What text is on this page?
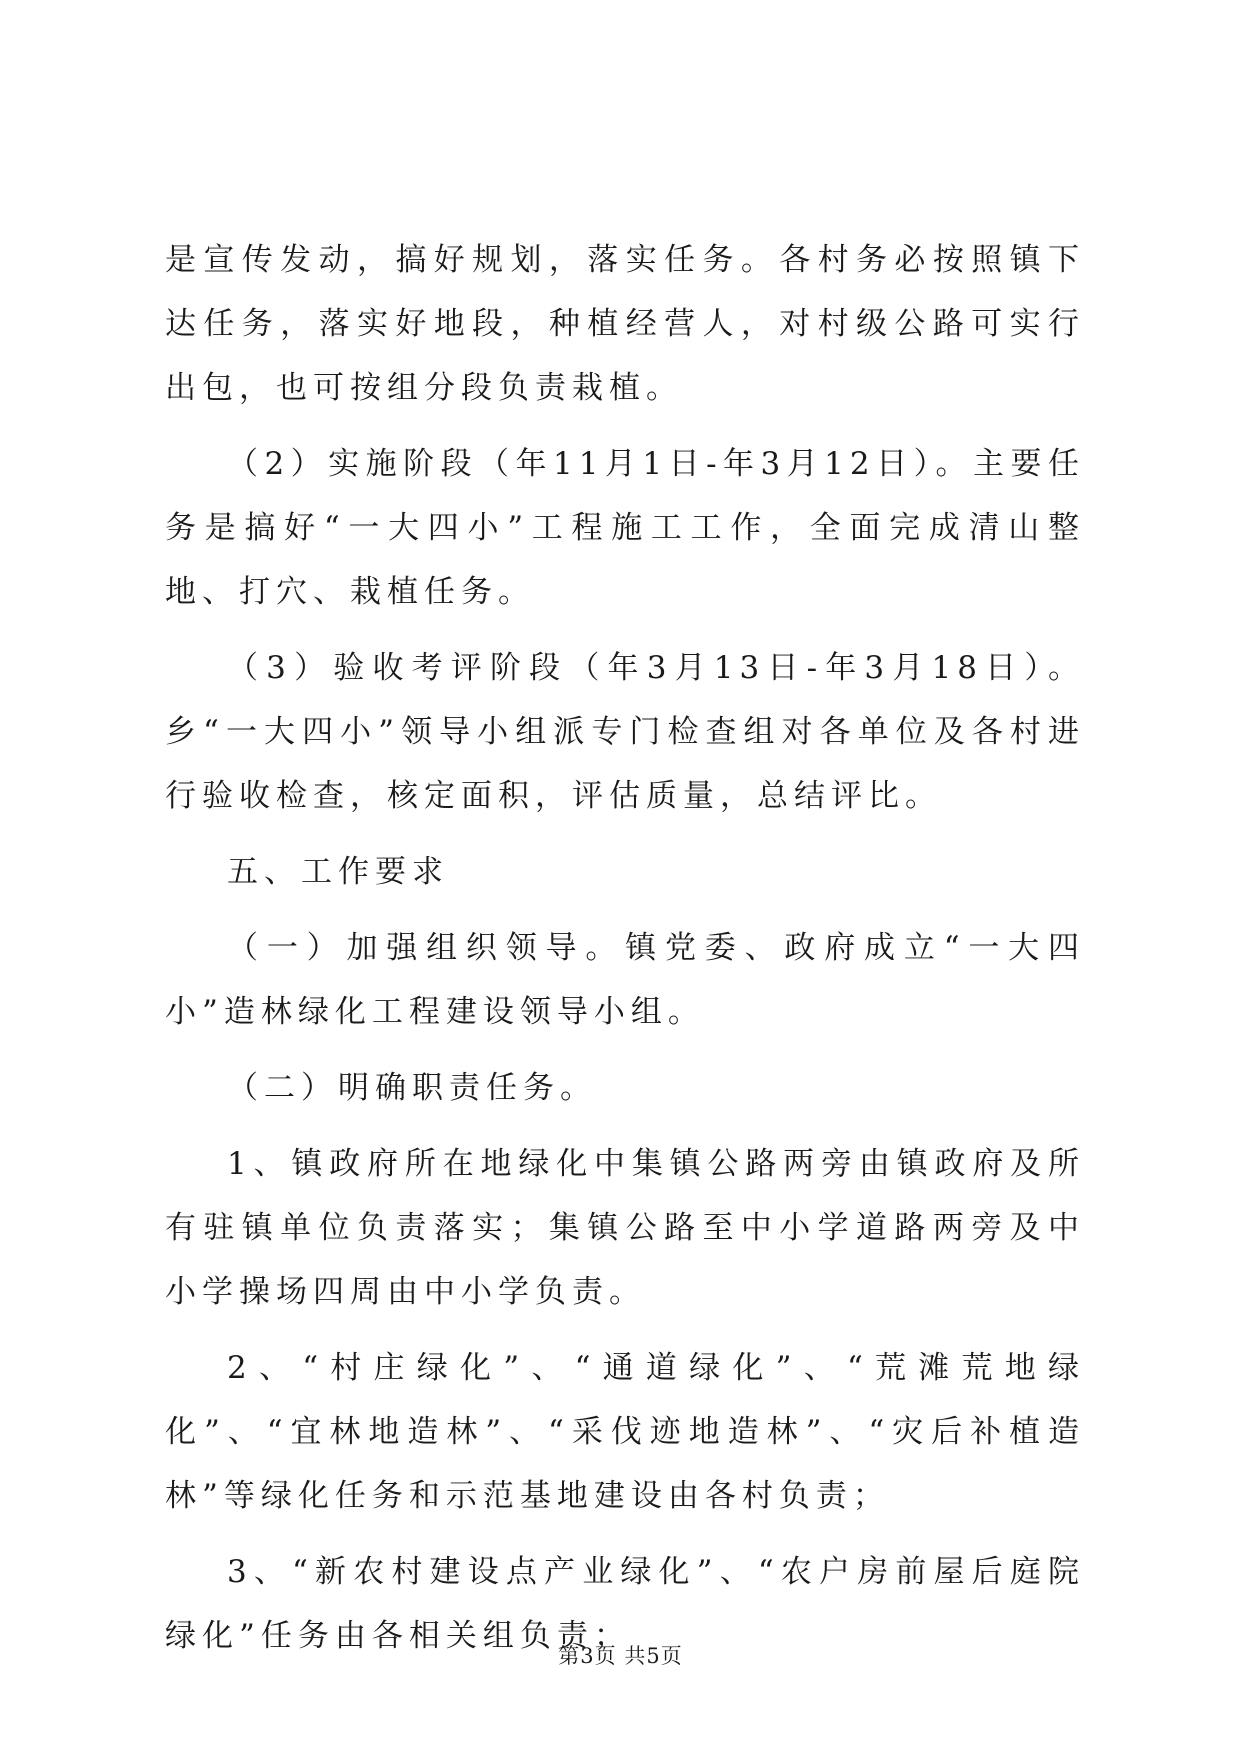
是宣传发动，搞好规划，落实任务。各村务必按照镇下达任务，落实好地段，种植经营人，对村级公路可实行出包，也可按组分段负责栽植。

（2）实施阶段（年11月1日-年3月12日）。主要任务是搞好“一大四小”工程施工工作，全面完成清山整地、打穴、栽植任务。

（3）验收考评阶段（年3月13日-年3月18日）。乡“一大四小”领导小组派专门检查组对各单位及各村进行验收检查，核定面积，评估质量，总结评比。

五、工作要求

（一）加强组织领导。镇党委、政府成立“一大四小”造林绿化工程建设领导小组。

（二）明确职责任务。

1、镇政府所在地绿化中集镇公路两旁由镇政府及所有驻镇单位负责落实；集镇公路至中小学道路两旁及中小学操场四周由中小学负责。

2、“村庄绿化”、“通道绿化”、“荒滩荒地绿化”、“宜林地造林”、“采伐迹地造林”、“灾后补植造林”等绿化任务和示范基地建设由各村负责；

3、“新农村建设点产业绿化”、“农户房前屋后庭院绿化”任务由各相关组负责；

第3页 共5页
